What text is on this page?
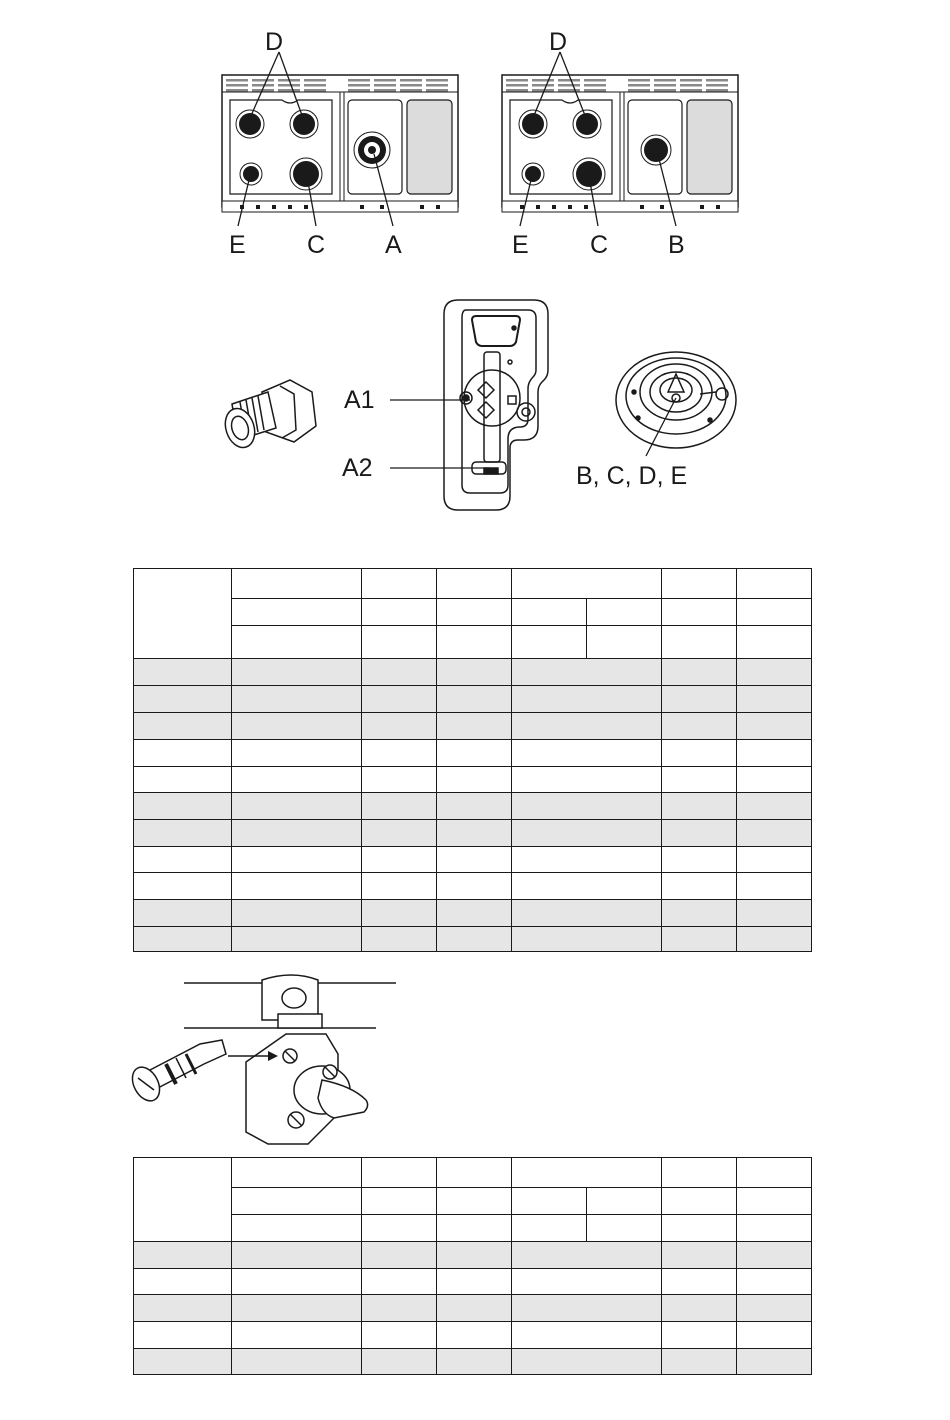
D
E C A
D
E C B
A1
A2	B, C, D, E
